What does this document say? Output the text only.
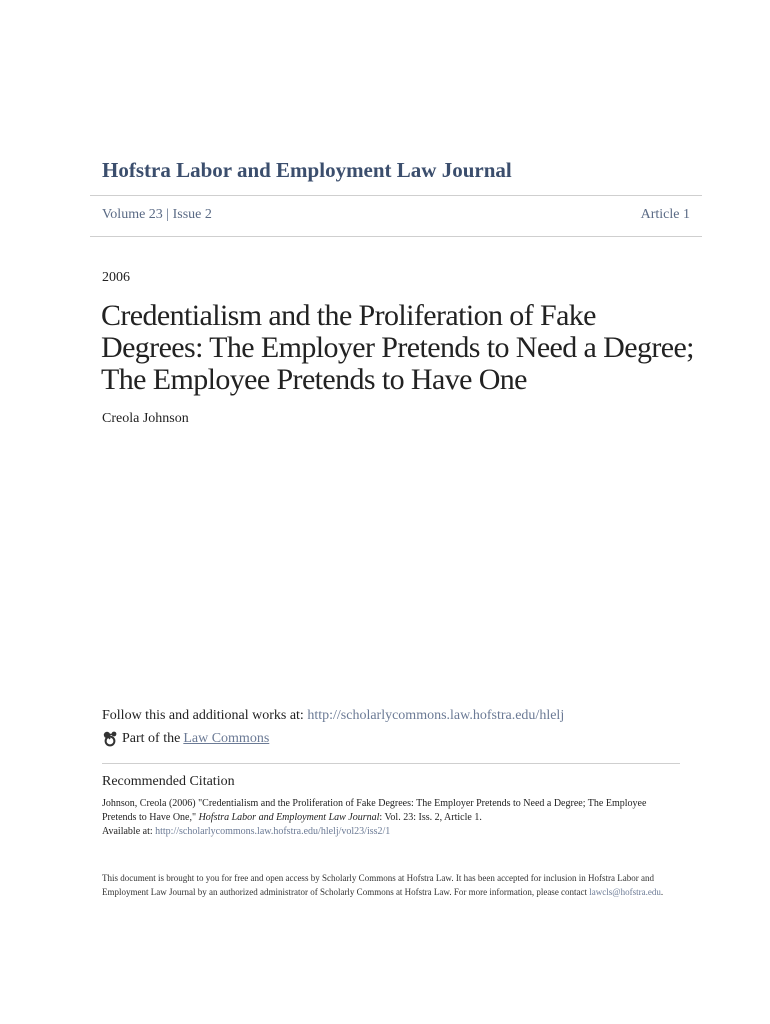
Hofstra Labor and Employment Law Journal
Volume 23 | Issue 2	Article 1
2006
Credentialism and the Proliferation of Fake Degrees: The Employer Pretends to Need a Degree; The Employee Pretends to Have One
Creola Johnson
Follow this and additional works at: http://scholarlycommons.law.hofstra.edu/hlelj
Part of the Law Commons
Recommended Citation
Johnson, Creola (2006) "Credentialism and the Proliferation of Fake Degrees: The Employer Pretends to Need a Degree; The Employee Pretends to Have One," Hofstra Labor and Employment Law Journal: Vol. 23: Iss. 2, Article 1.
Available at: http://scholarlycommons.law.hofstra.edu/hlelj/vol23/iss2/1
This document is brought to you for free and open access by Scholarly Commons at Hofstra Law. It has been accepted for inclusion in Hofstra Labor and Employment Law Journal by an authorized administrator of Scholarly Commons at Hofstra Law. For more information, please contact lawcls@hofstra.edu.
